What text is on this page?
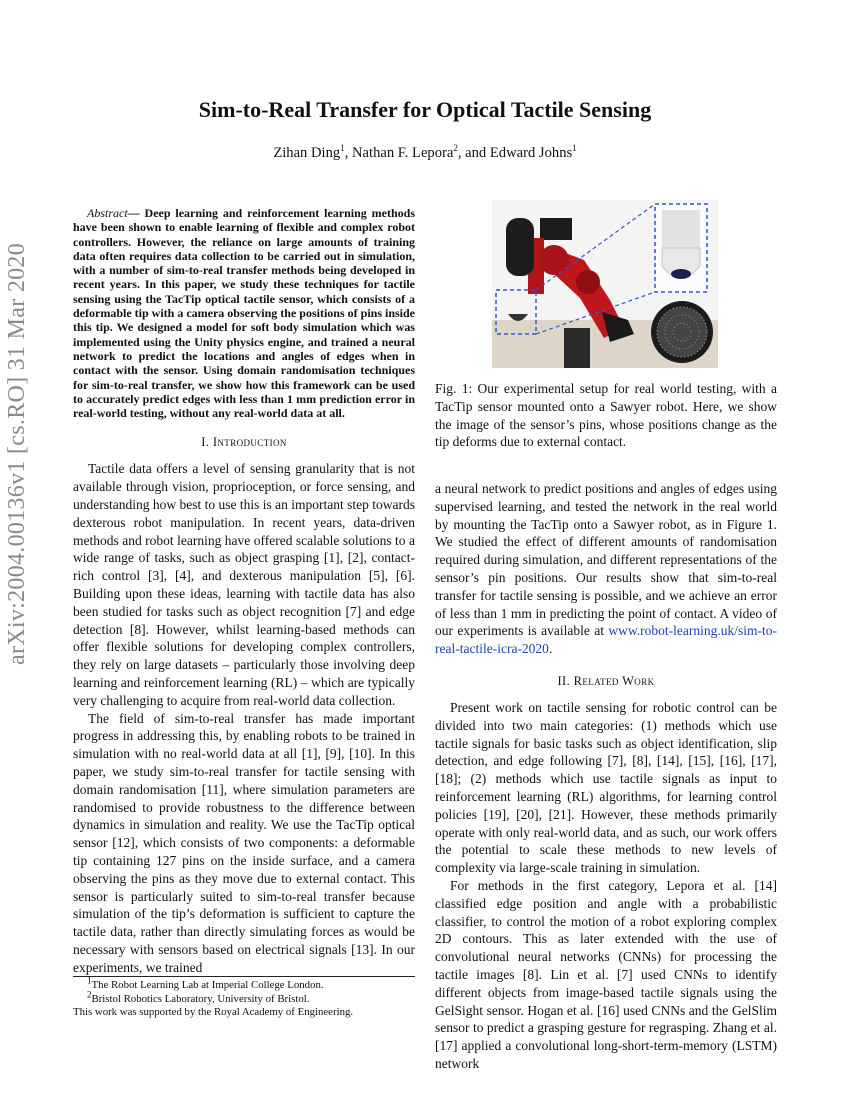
arXiv:2004.00136v1 [cs.RO] 31 Mar 2020
Sim-to-Real Transfer for Optical Tactile Sensing
Zihan Ding$^1$, Nathan F. Lepora$^2$, and Edward Johns$^1$

Abstract— Deep learning and reinforcement learning methods have been shown to enable learning of flexible and complex robot controllers. However, the reliance on large amounts of training data often requires data collection to be carried out in simulation, with a number of sim-to-real transfer methods being developed in recent years. In this paper, we study these techniques for tactile sensing using the TacTip optical tactile sensor, which consists of a deformable tip with a camera observing the positions of pins inside this tip. We designed a model for soft body simulation which was implemented using the Unity physics engine, and trained a neural network to predict the locations and angles of edges when in contact with the sensor. Using domain randomisation techniques for sim-to-real transfer, we show how this framework can be used to accurately predict edges with less than 1 mm prediction error in real-world testing, without any real-world data at all.

I. Introduction

Tactile data offers a level of sensing granularity that is not available through vision, proprioception, or force sensing, and understanding how best to use this is an important step towards dexterous robot manipulation. In recent years, data-driven methods and robot learning have offered scalable solutions to a wide range of tasks, such as object grasping [1], [2], contact-rich control [3], [4], and dexterous manipulation [5], [6]. Building upon these ideas, learning with tactile data has also been studied for tasks such as object recognition [7] and edge detection [8]. However, whilst learning-based methods can offer flexible solutions for developing complex controllers, they rely on large datasets – particularly those involving deep learning and reinforcement learning (RL) – which are typically very challenging to acquire from real-world data collection.

The field of sim-to-real transfer has made important progress in addressing this, by enabling robots to be trained in simulation with no real-world data at all [1], [9], [10]. In this paper, we study sim-to-real transfer for tactile sensing with domain randomisation [11], where simulation parameters are randomised to provide robustness to the difference between dynamics in simulation and reality. We use the TacTip optical sensor [12], which consists of two components: a deformable tip containing 127 pins on the inside surface, and a camera observing the pins as they move due to external contact. This sensor is particularly suited to sim-to-real transfer because simulation of the tip’s deformation is sufficient to capture the tactile data, rather than directly simulating forces as would be necessary with sensors based on electrical signals [13]. In our experiments, we trained

Fig. 1: Our experimental setup for real world testing, with a TacTip sensor mounted onto a Sawyer robot. Here, we show the image of the sensor’s pins, whose positions change as the tip deforms due to external contact.

a neural network to predict positions and angles of edges using supervised learning, and tested the network in the real world by mounting the TacTip onto a Sawyer robot, as in Figure 1. We studied the effect of different amounts of randomisation required during simulation, and different representations of the sensor’s pin positions. Our results show that sim-to-real transfer for tactile sensing is possible, and we achieve an error of less than 1 mm in predicting the point of contact. A video of our experiments is available at www.robot-learning.uk/sim-to-real-tactile-icra-2020.

II. Related Work

Present work on tactile sensing for robotic control can be divided into two main categories: (1) methods which use tactile signals for basic tasks such as object identification, slip detection, and edge following [7], [8], [14], [15], [16], [17], [18]; (2) methods which use tactile signals as input to reinforcement learning (RL) algorithms, for learning control policies [19], [20], [21]. However, these methods primarily operate with only real-world data, and as such, our work offers the potential to scale these methods to new levels of complexity via large-scale training in simulation.

For methods in the first category, Lepora et al. [14] classified edge position and angle with a probabilistic classifier, to control the motion of a robot exploring complex 2D contours. This as later extended with the use of convolutional neural networks (CNNs) for processing the tactile images [8]. Lin et al. [7] used CNNs to identify different objects from image-based tactile signals using the GelSight sensor. Hogan et al. [16] used CNNs and the GelSlim sensor to predict a grasping gesture for regrasping. Zhang et al. [17] applied a convolutional long-short-term-memory (LSTM) network

$^1$The Robot Learning Lab at Imperial College London.
$^2$Bristol Robotics Laboratory, University of Bristol.
This work was supported by the Royal Academy of Engineering.
